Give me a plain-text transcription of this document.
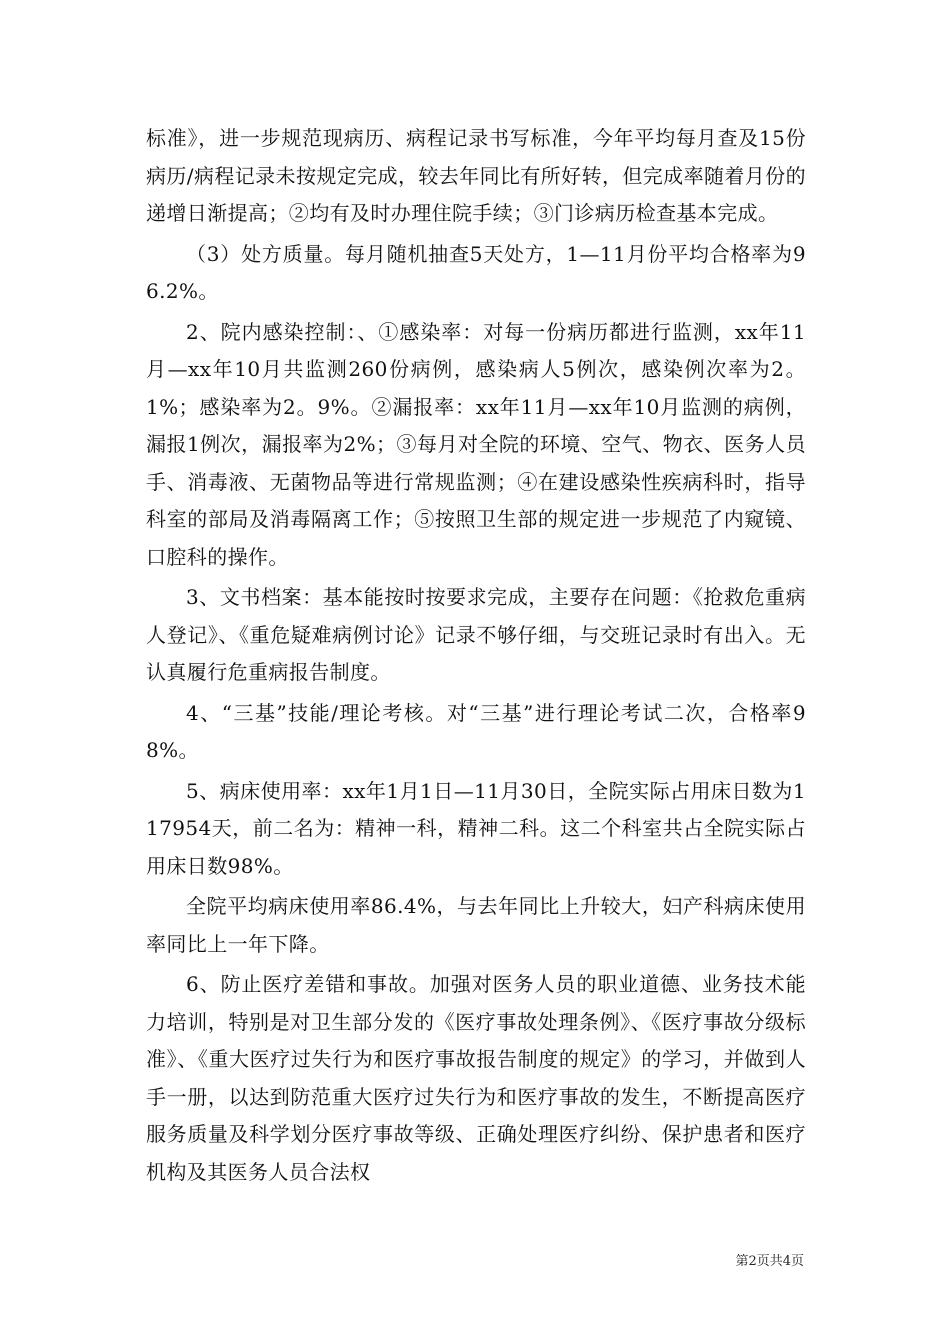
标准》，进一步规范现病历、病程记录书写标准，今年平均每月查及15份病历/病程记录未按规定完成，较去年同比有所好转，但完成率随着月份的递增日渐提高；②均有及时办理住院手续；③门诊病历检查基本完成。

（3）处方质量。每月随机抽查5天处方，1—11月份平均合格率为96.2%。

2、院内感染控制：、①感染率：对每一份病历都进行监测，xx年11月—xx年10月共监测260份病例，感染病人5例次，感染例次率为2。1%；感染率为2。9%。②漏报率：xx年11月—xx年10月监测的病例，漏报1例次，漏报率为2%；③每月对全院的环境、空气、物衣、医务人员手、消毒液、无菌物品等进行常规监测；④在建设感染性疾病科时，指导科室的部局及消毒隔离工作；⑤按照卫生部的规定进一步规范了内窥镜、口腔科的操作。

3、文书档案：基本能按时按要求完成，主要存在问题：《抢救危重病人登记》、《重危疑难病例讨论》记录不够仔细，与交班记录时有出入。无认真履行危重病报告制度。

4、“三基”技能/理论考核。对“三基”进行理论考试二次，合格率98%。

5、病床使用率：xx年1月1日—11月30日，全院实际占用床日数为117954天，前二名为：精神一科，精神二科。这二个科室共占全院实际占用床日数98%。

全院平均病床使用率86.4%，与去年同比上升较大，妇产科病床使用率同比上一年下降。

6、防止医疗差错和事故。加强对医务人员的职业道德、业务技术能力培训，特别是对卫生部分发的《医疗事故处理条例》、《医疗事故分级标准》、《重大医疗过失行为和医疗事故报告制度的规定》的学习，并做到人手一册，以达到防范重大医疗过失行为和医疗事故的发生，不断提高医疗服务质量及科学划分医疗事故等级、正确处理医疗纠纷、保护患者和医疗机构及其医务人员合法权

第2页共4页
